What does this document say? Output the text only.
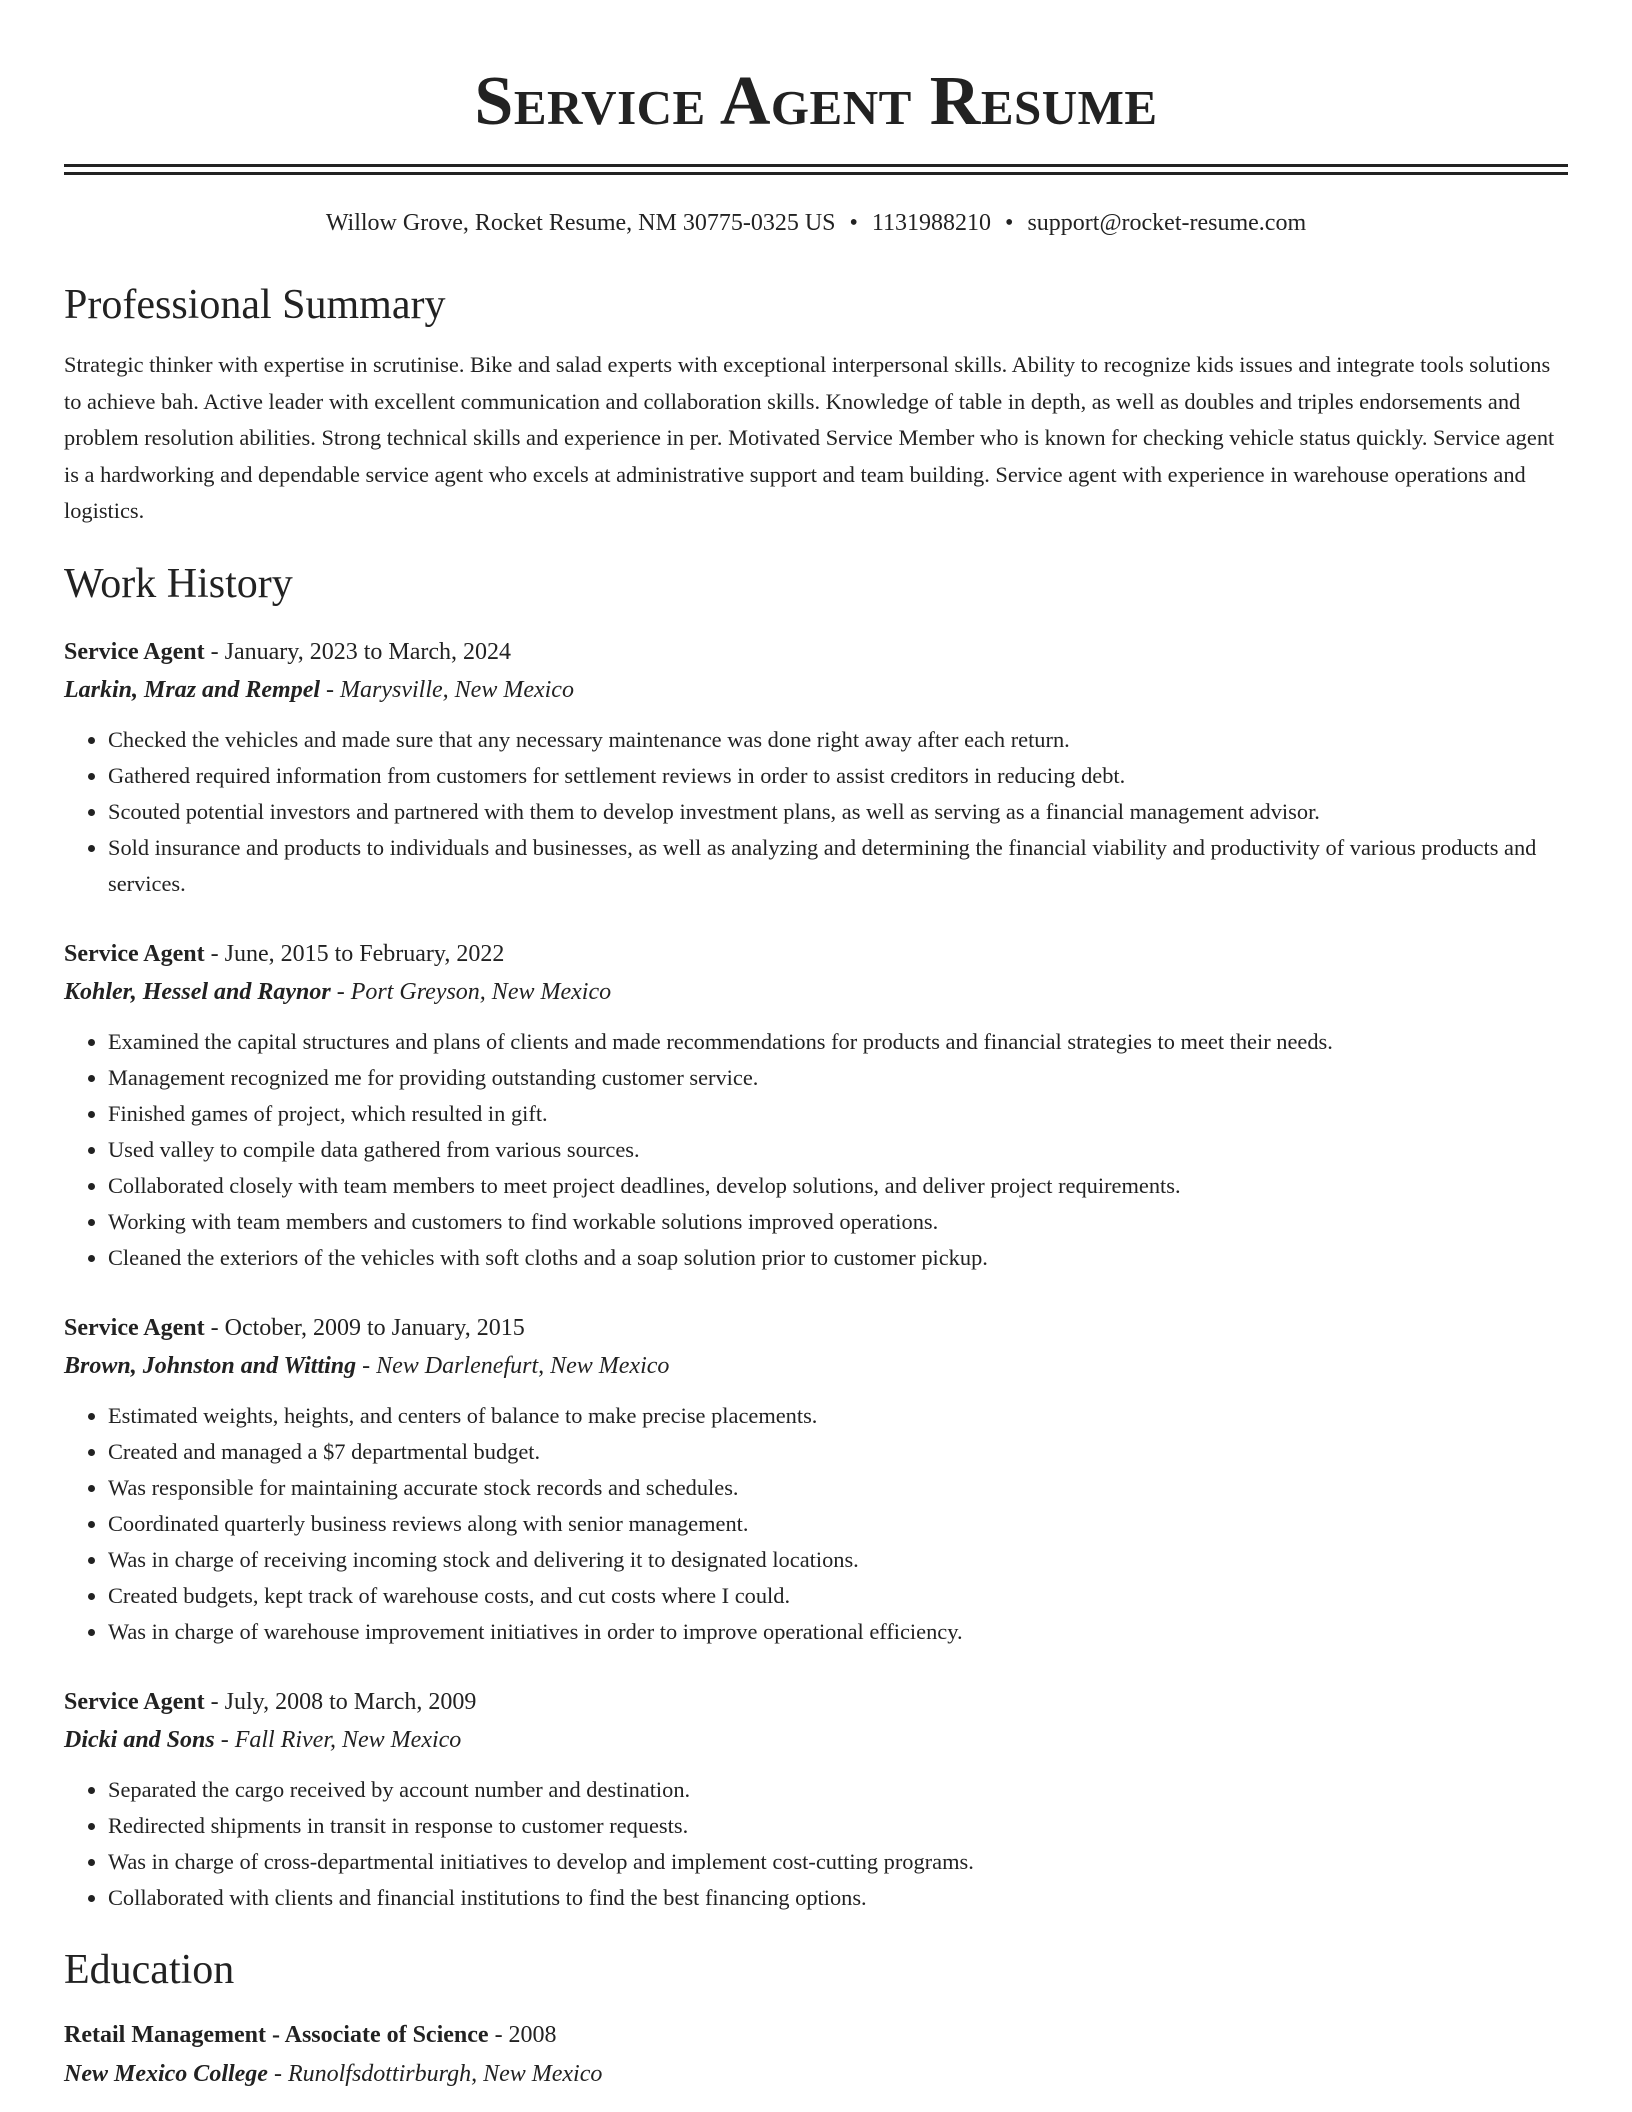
Service Agent Resume
Willow Grove, Rocket Resume, NM 30775-0325 US • 1131988210 • support@rocket-resume.com
Professional Summary

Strategic thinker with expertise in scrutinise. Bike and salad experts with exceptional interpersonal skills. Ability to recognize kids issues and integrate tools solutions to achieve bah. Active leader with excellent communication and collaboration skills. Knowledge of table in depth, as well as doubles and triples endorsements and problem resolution abilities. Strong technical skills and experience in per. Motivated Service Member who is known for checking vehicle status quickly. Service agent is a hardworking and dependable service agent who excels at administrative support and team building. Service agent with experience in warehouse operations and logistics.

Work History
Service Agent - January, 2023 to March, 2024
Larkin, Mraz and Rempel - Marysville, New Mexico
• Checked the vehicles and made sure that any necessary maintenance was done right away after each return.
• Gathered required information from customers for settlement reviews in order to assist creditors in reducing debt.
• Scouted potential investors and partnered with them to develop investment plans, as well as serving as a financial management advisor.
• Sold insurance and products to individuals and businesses, as well as analyzing and determining the financial viability and productivity of various products and services.
Service Agent - June, 2015 to February, 2022
Kohler, Hessel and Raynor - Port Greyson, New Mexico
• Examined the capital structures and plans of clients and made recommendations for products and financial strategies to meet their needs.
• Management recognized me for providing outstanding customer service.
• Finished games of project, which resulted in gift.
• Used valley to compile data gathered from various sources.
• Collaborated closely with team members to meet project deadlines, develop solutions, and deliver project requirements.
• Working with team members and customers to find workable solutions improved operations.
• Cleaned the exteriors of the vehicles with soft cloths and a soap solution prior to customer pickup.
Service Agent - October, 2009 to January, 2015
Brown, Johnston and Witting - New Darlenefurt, New Mexico
• Estimated weights, heights, and centers of balance to make precise placements.
• Created and managed a $7 departmental budget.
• Was responsible for maintaining accurate stock records and schedules.
• Coordinated quarterly business reviews along with senior management.
• Was in charge of receiving incoming stock and delivering it to designated locations.
• Created budgets, kept track of warehouse costs, and cut costs where I could.
• Was in charge of warehouse improvement initiatives in order to improve operational efficiency.
Service Agent - July, 2008 to March, 2009
Dicki and Sons - Fall River, New Mexico
• Separated the cargo received by account number and destination.
• Redirected shipments in transit in response to customer requests.
• Was in charge of cross-departmental initiatives to develop and implement cost-cutting programs.
• Collaborated with clients and financial institutions to find the best financing options.
Education
Retail Management - Associate of Science - 2008
New Mexico College - Runolfsdottirburgh, New Mexico
